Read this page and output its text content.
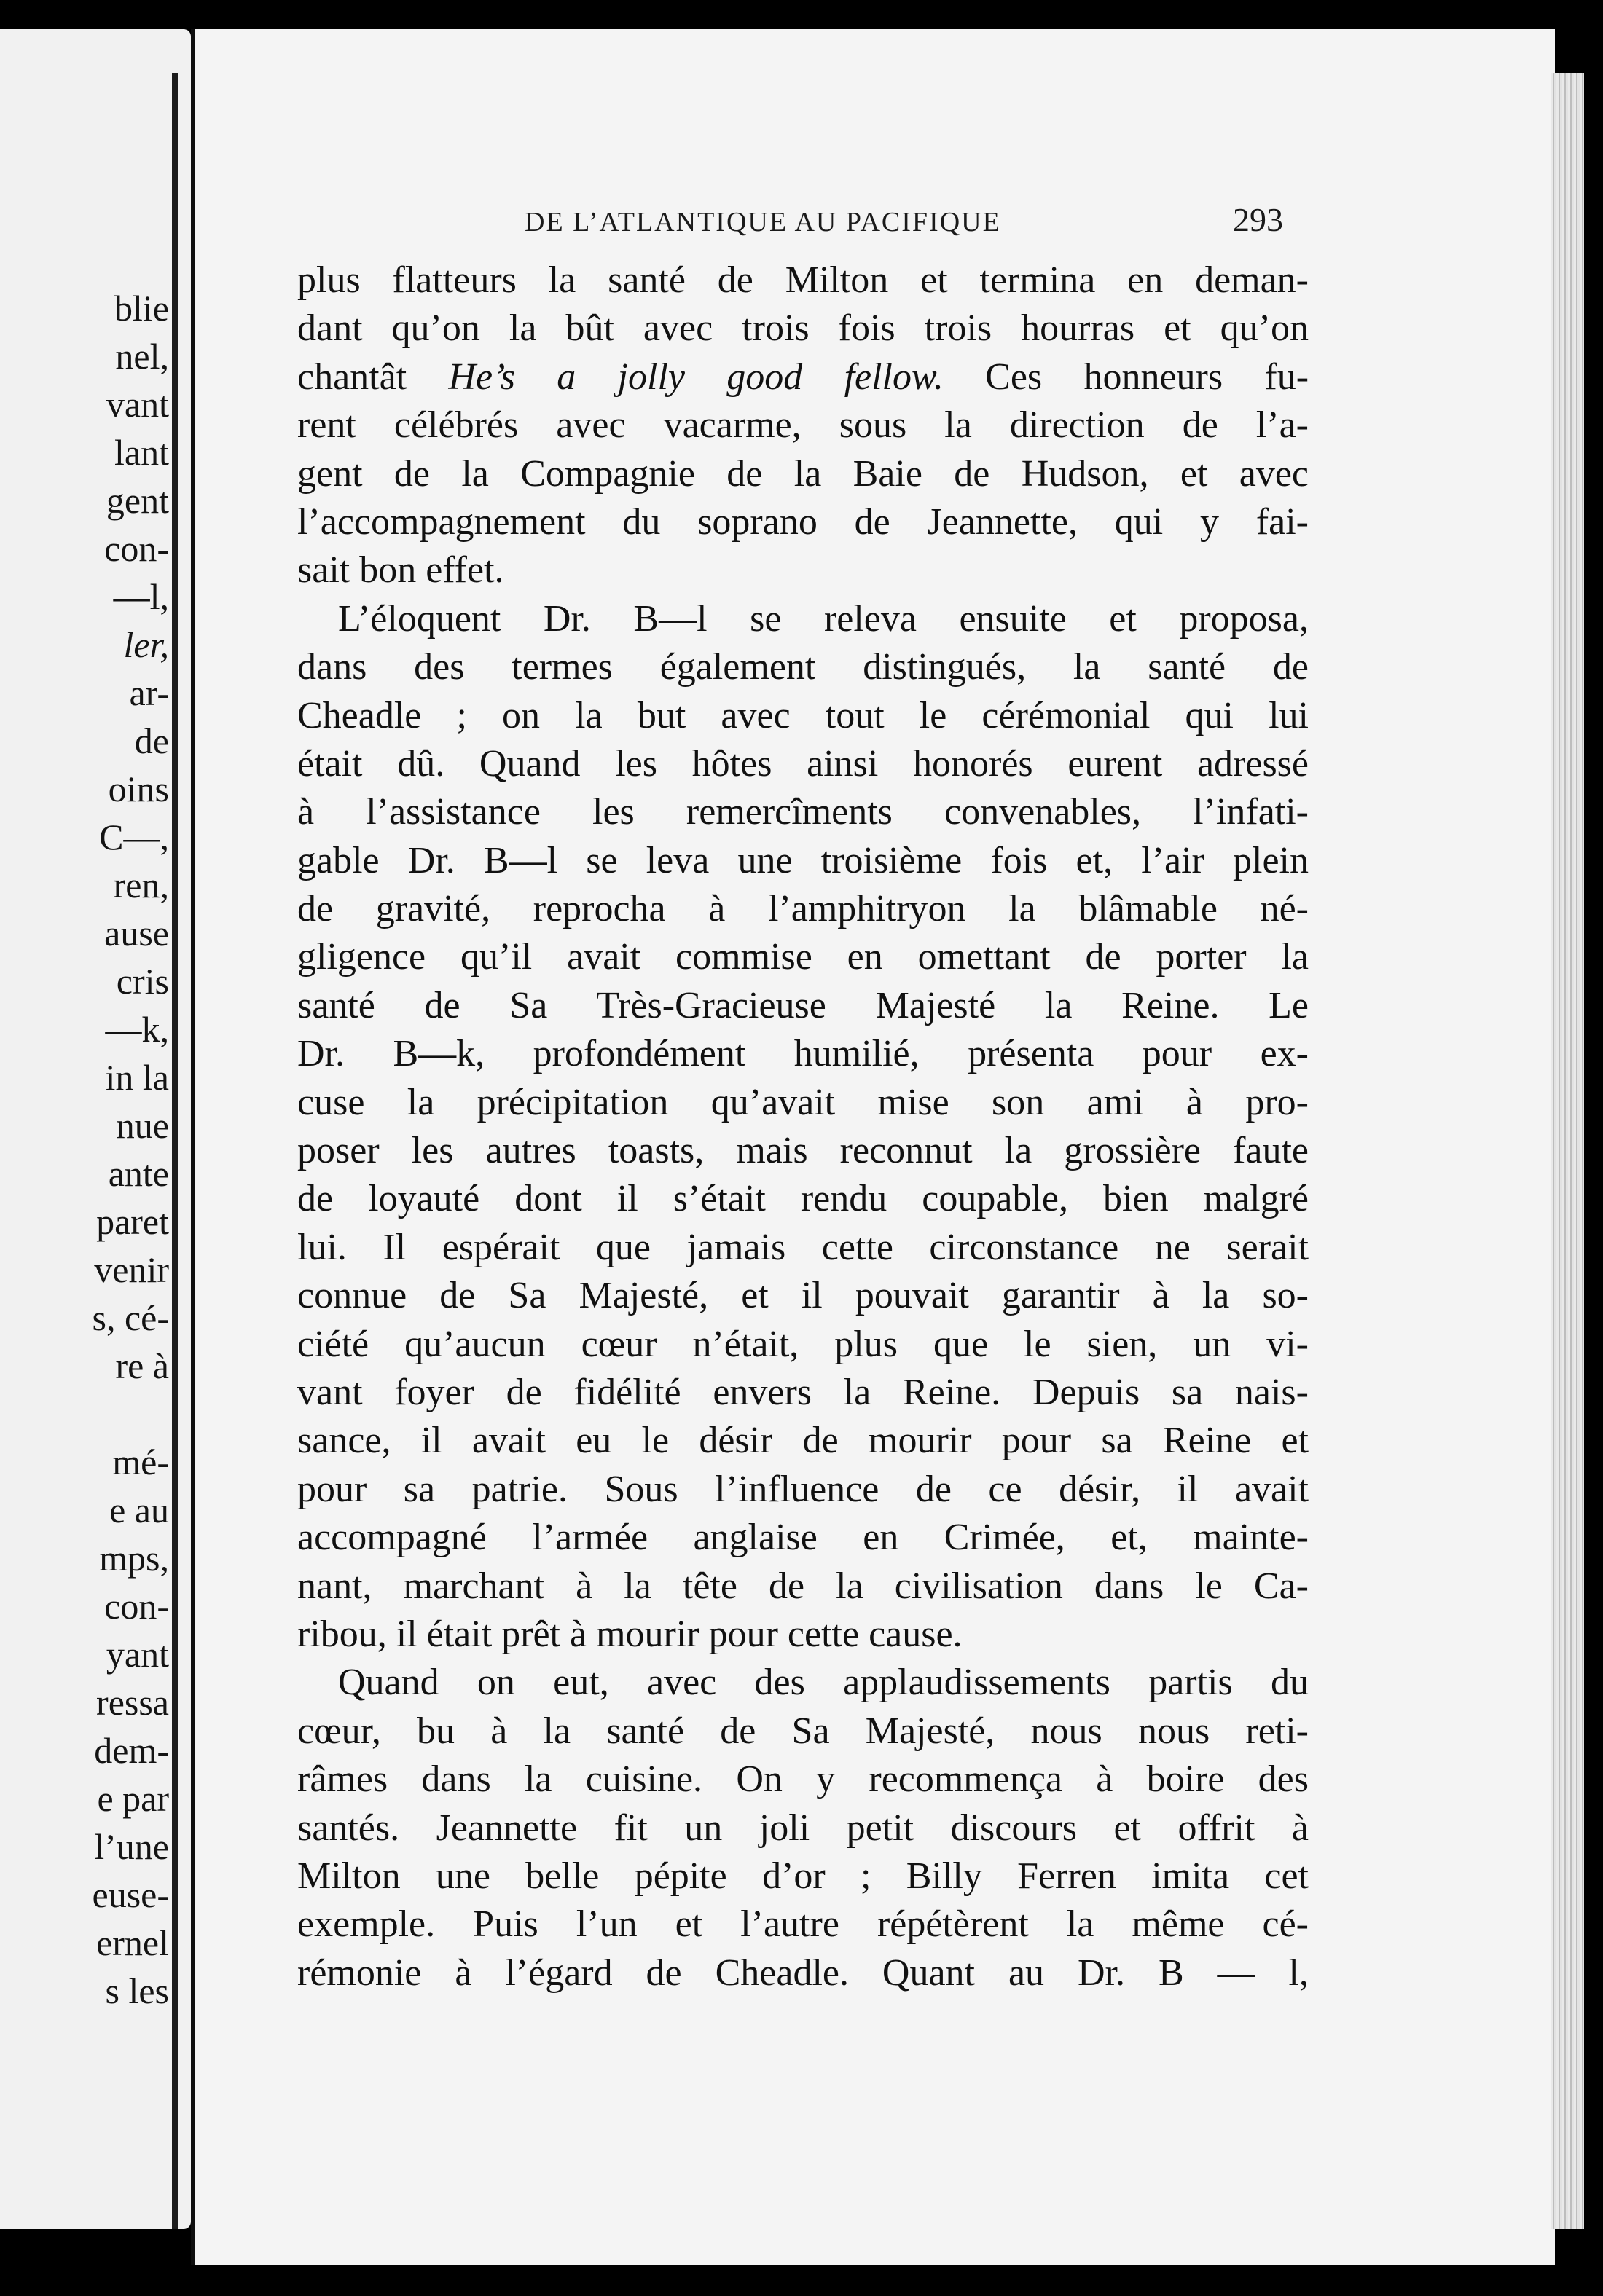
blie
nel,
vant
lant
gent
con-
—l,
ler,
ar-
de
oins
C—,
ren,
ause
cris
—k,
in la
nue
ante
paret
venir
s, cé-
re à
mé-
e au
mps,
con-
yant
ressa
dem-
e par
l’une
euse-
ernel
s les
DE L’ATLANTIQUE AU PACIFIQUE	293
plus flatteurs la santé de Milton et termina en deman-
dant qu’on la bût avec trois fois trois hourras et qu’on
chantât He’s a jolly good fellow. Ces honneurs fu-
rent célébrés avec vacarme, sous la direction de l’a-
gent de la Compagnie de la Baie de Hudson, et avec
l’accompagnement du soprano de Jeannette, qui y fai-
sait bon effet.
L’éloquent Dr. B—l se releva ensuite et proposa,
dans des termes également distingués, la santé de
Cheadle ; on la but avec tout le cérémonial qui lui
était dû. Quand les hôtes ainsi honorés eurent adressé
à l’assistance les remercîments convenables, l’infati-
gable Dr. B—l se leva une troisième fois et, l’air plein
de gravité, reprocha à l’amphitryon la blâmable né-
gligence qu’il avait commise en omettant de porter la
santé de Sa Très-Gracieuse Majesté la Reine. Le
Dr. B—k, profondément humilié, présenta pour ex-
cuse la précipitation qu’avait mise son ami à pro-
poser les autres toasts, mais reconnut la grossière faute
de loyauté dont il s’était rendu coupable, bien malgré
lui. Il espérait que jamais cette circonstance ne serait
connue de Sa Majesté, et il pouvait garantir à la so-
ciété qu’aucun cœur n’était, plus que le sien, un vi-
vant foyer de fidélité envers la Reine. Depuis sa nais-
sance, il avait eu le désir de mourir pour sa Reine et
pour sa patrie. Sous l’influence de ce désir, il avait
accompagné l’armée anglaise en Crimée, et, mainte-
nant, marchant à la tête de la civilisation dans le Ca-
ribou, il était prêt à mourir pour cette cause.
Quand on eut, avec des applaudissements partis du
cœur, bu à la santé de Sa Majesté, nous nous reti-
râmes dans la cuisine. On y recommença à boire des
santés. Jeannette fit un joli petit discours et offrit à
Milton une belle pépite d’or ; Billy Ferren imita cet
exemple. Puis l’un et l’autre répétèrent la même cé-
rémonie à l’égard de Cheadle. Quant au Dr. B — l,
